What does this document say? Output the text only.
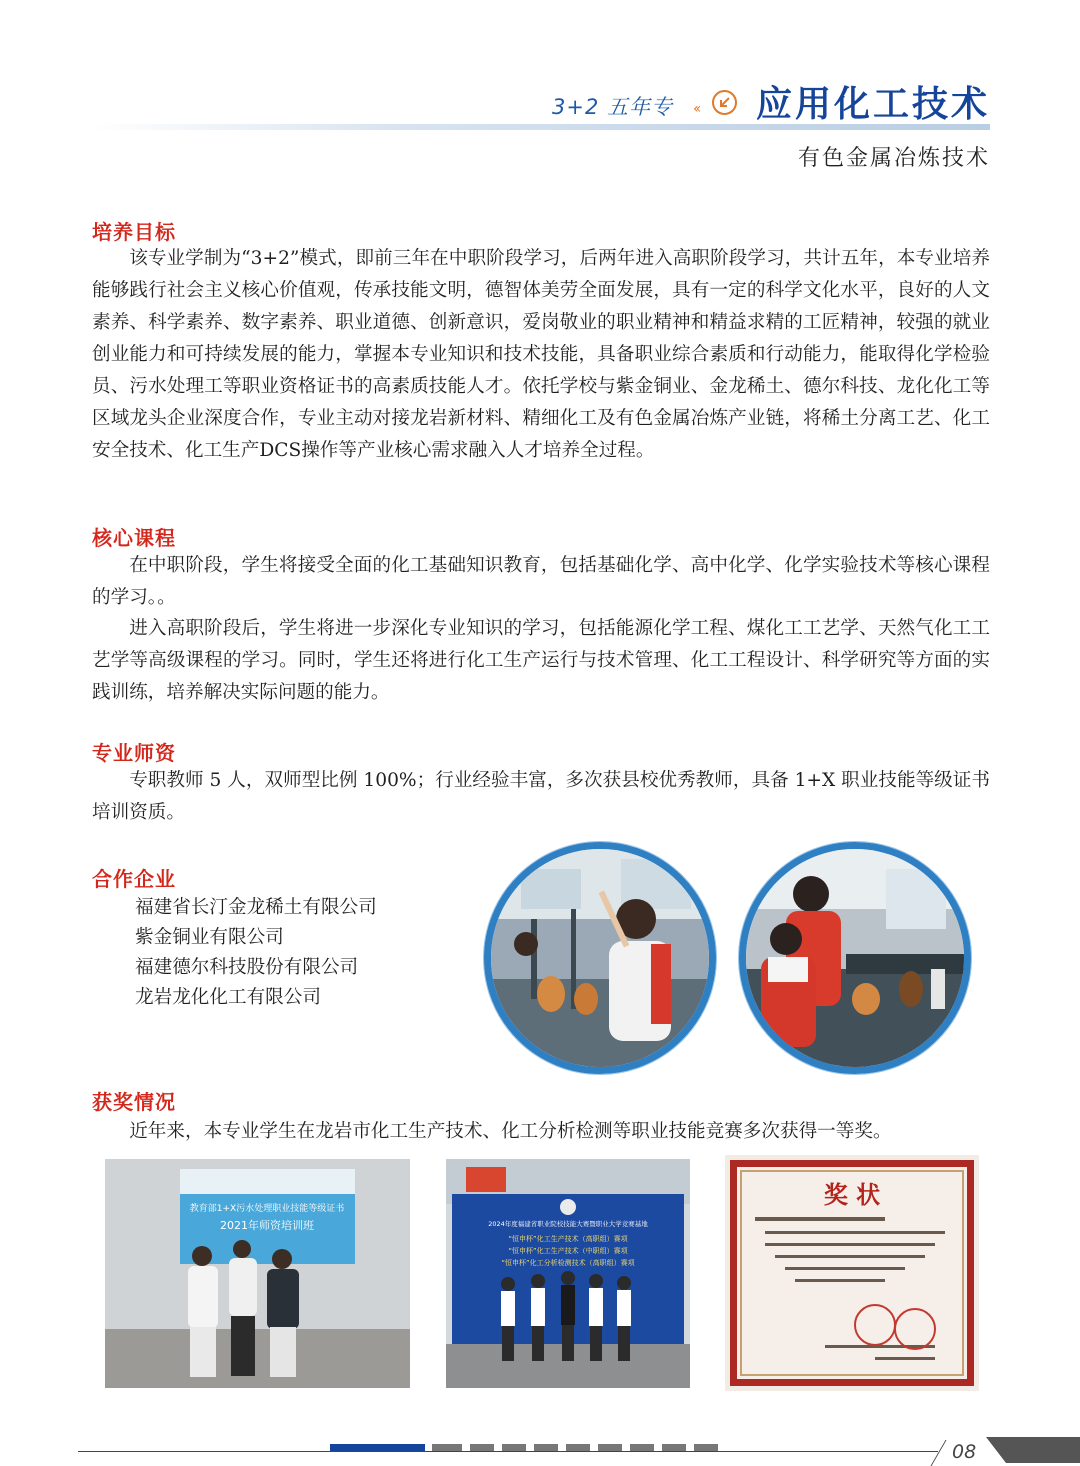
3+2 五年专 ‹‹ 应用化工技术
有色金属冶炼技术
培养目标

该专业学制为“3+2”模式，即前三年在中职阶段学习，后两年进入高职阶段学习，共计五年，本专业培养能够践行社会主义核心价值观，传承技能文明，德智体美劳全面发展，具有一定的科学文化水平，良好的人文素养、科学素养、数字素养、职业道德、创新意识，爱岗敬业的职业精神和精益求精的工匠精神，较强的就业创业能力和可持续发展的能力，掌握本专业知识和技术技能，具备职业综合素质和行动能力，能取得化学检验员、污水处理工等职业资格证书的高素质技能人才。依托学校与紫金铜业、金龙稀土、德尔科技、龙化化工等区域龙头企业深度合作，专业主动对接龙岩新材料、精细化工及有色金属冶炼产业链，将稀土分离工艺、化工安全技术、化工生产DCS操作等产业核心需求融入人才培养全过程。

核心课程

在中职阶段，学生将接受全面的化工基础知识教育，包括基础化学、高中化学、化学实验技术等核心课程的学习。。

进入高职阶段后，学生将进一步深化专业知识的学习，包括能源化学工程、煤化工工艺学、天然气化工工艺学等高级课程的学习。同时，学生还将进行化工生产运行与技术管理、化工工程设计、科学研究等方面的实践训练，培养解决实际问题的能力。

专业师资

专职教师 5 人，双师型比例 100%；行业经验丰富，多次获县校优秀教师，具备 1+X 职业技能等级证书培训资质。

合作企业
福建省长汀金龙稀土有限公司
紫金铜业有限公司
福建德尔科技股份有限公司
龙岩龙化化工有限公司
获奖情况

近年来，本专业学生在龙岩市化工生产技术、化工分析检测等职业技能竞赛多次获得一等奖。

教育部1+X污水处理职业技能等级证书
2021年师资培训班	2024年度福建省职业院校技能大赛暨职业大学竞赛基地
“恒申杯”化工生产技术（高职组）赛项
“恒申杯”化工生产技术（中职组）赛项
“恒申杯”化工分析检测技术（高职组）赛项
奖 状
08
